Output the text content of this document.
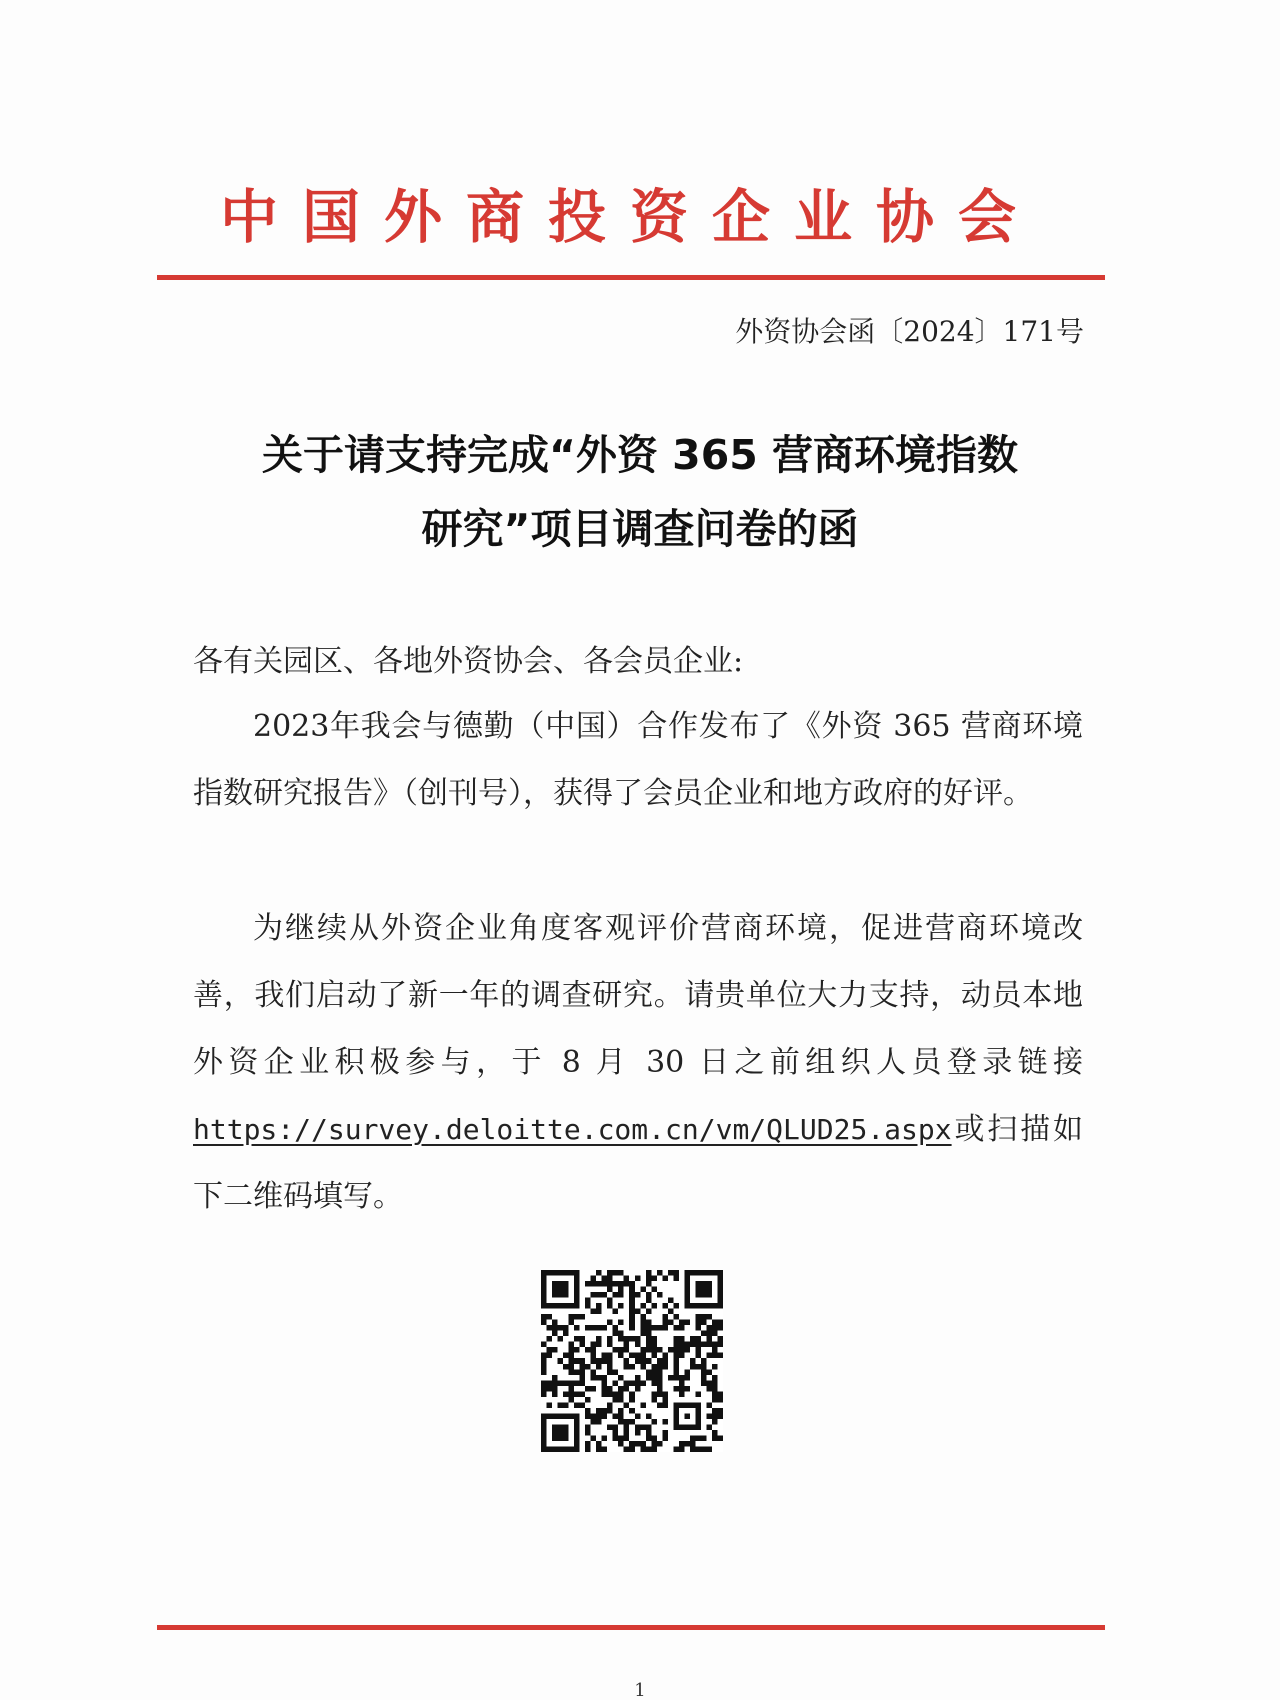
中国外商投资企业协会
外资协会函〔2024〕171号
关于请支持完成“外资 365 营商环境指数
研究”项目调查问卷的函
各有关园区、各地外资协会、各会员企业:
2023年我会与德勤（中国）合作发布了《外资 365 营商环境指数研究报告》（创刊号），获得了会员企业和地方政府的好评。
为继续从外资企业角度客观评价营商环境，促进营商环境改善，我们启动了新一年的调查研究。请贵单位大力支持，动员本地外资企业积极参与，于 8 月 30 日之前组织人员登录链接 https://survey.deloitte.com.cn/vm/QLUD25.aspx或扫描如下二维码填写。
1
